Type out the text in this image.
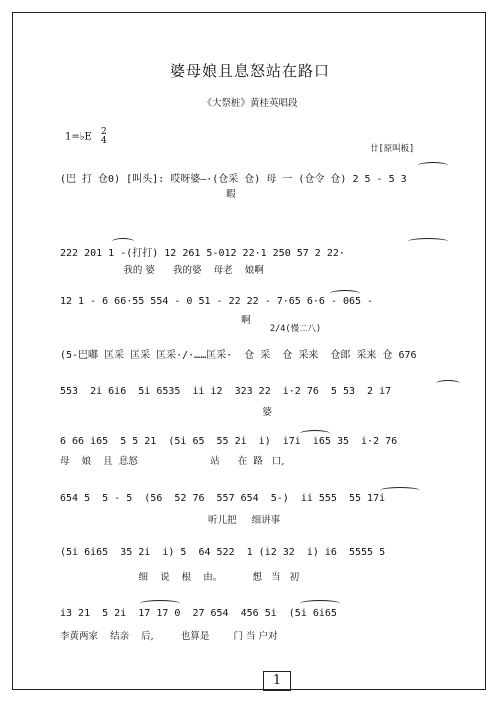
婆母娘且息怒站在路口
《大祭桩》黄桂英唱段
1=♭E 2
4
廿[原叫板]
2/4(慢二八)
(巴 打 仓0) [叫头]: 哎呀婆—·(仓采 仓) 母 一 (仓令 仓) 2 5 - 5 3
暇
222 201 1 -(打打) 12 261 5-012 22·1 250 57 2 22·
我的 婆      我的婆    母老    娘啊
12 1 - 6 66·55 554 - 0 51 - 22 22 - 7·65 6·6 - 065 -
啊
(5-巴嘟 匡采 匡采 匡采·/·……匡采·  仓 采  仓 采来  仓郎 采来 仓 676
553  2i 6i6  5i 6535  ii i2  323 22  i·2 76  5 53  2 i7
婆
6 66 i65  5 5 21  (5i 65  55 2i  i)  i7i  i65 35  i·2 76
母    娘    且  息怒                        站      在  路   口,
654 5  5 - 5  (56  52 76  557 654  5-)  ii 555  55 17i
听儿把     细讲事
(5i 6i65  35 2i  i) 5  64 522  1 (i2 32  i) i6  5555 5
细    说    根    由。          想   当   初
i3 21  5 2i  17 17 0  27 654  456 5i  (5i 6i65
李黄两家    结亲    后,         也算是        门 当 户对
1
